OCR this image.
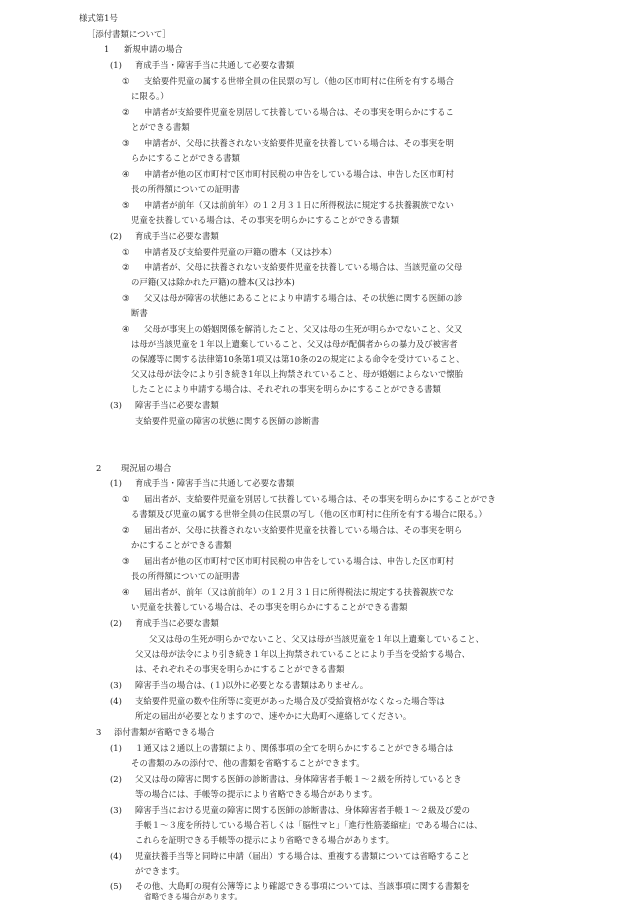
様式第1号
［添付書類について］
1 新規申請の場合
(1) 育成手当・障害手当に共通して必要な書類
① 支給要件児童の属する世帯全員の住民票の写し（他の区市町村に住所を有する場合
に限る。）
② 申請者が支給要件児童を別居して扶養している場合は、その事実を明らかにするこ
とができる書類
③ 申請者が、父母に扶養されない支給要件児童を扶養している場合は、その事実を明
らかにすることができる書類
④ 申請者が他の区市町村で区市町村民税の申告をしている場合は、申告した区市町村
長の所得額についての証明書
⑤ 申請者が前年（又は前前年）の１２月３１日に所得税法に規定する扶養親族でない
児童を扶養している場合は、その事実を明らかにすることができる書類
(2) 育成手当に必要な書類
① 申請者及び支給要件児童の戸籍の謄本（又は抄本）
② 申請者が、父母に扶養されない支給要件児童を扶養している場合は、当該児童の父母
の戸籍(又は除かれた戸籍)の謄本(又は抄本)
③ 父又は母が障害の状態にあることにより申請する場合は、その状態に関する医師の診
断書
④ 父母が事実上の婚姻関係を解消したこと、父又は母の生死が明らかでないこと、父又
は母が当該児童を１年以上遺棄していること、父又は母が配偶者からの暴力及び被害者
の保護等に関する法律第10条第1項又は第10条の2の規定による命令を受けていること、
父又は母が法令により引き続き1年以上拘禁されていること、母が婚姻によらないで懐胎
したことにより申請する場合は、それぞれの事実を明らかにすることができる書類
(3) 障害手当に必要な書類
支給要件児童の障害の状態に関する医師の診断書
2 現況届の場合
(1) 育成手当・障害手当に共通して必要な書類
① 届出者が、支給要件児童を別居して扶養している場合は、その事実を明らかにすることができ
る書類及び児童の属する世帯全員の住民票の写し（他の区市町村に住所を有する場合に限る。）
② 届出者が、父母に扶養されない支給要件児童を扶養している場合は、その事実を明ら
かにすることができる書類
③ 届出者が他の区市町村で区市町村民税の申告をしている場合は、申告した区市町村
長の所得額についての証明書
④ 届出者が、前年（又は前前年）の１２月３１日に所得税法に規定する扶養親族でな
い児童を扶養している場合は、その事実を明らかにすることができる書類
(2) 育成手当に必要な書類
父又は母の生死が明らかでないこと、父又は母が当該児童を１年以上遺棄していること、
父又は母が法令により引き続き１年以上拘禁されていることにより手当を受給する場合、
は、それぞれその事実を明らかにすることができる書類
(3) 障害手当の場合は、(１)以外に必要となる書類はありません。
(4) 支給要件児童の数や住所等に変更があった場合及び受給資格がなくなった場合等は
所定の届出が必要となりますので、速やかに大島町へ連絡してください。
3 添付書類が省略できる場合
(1) １通又は２通以上の書類により、関係事項の全てを明らかにすることができる場合は
その書類のみの添付で、他の書類を省略することができます。
(2) 父又は母の障害に関する医師の診断書は、身体障害者手帳１～２級を所持しているとき
等の場合には、手帳等の提示により省略できる場合があります。
(3) 障害手当における児童の障害に関する医師の診断書は、身体障害者手帳１～２級及び愛の
手帳１～３度を所持している場合若しくは「脳性マヒ」「進行性筋萎縮症」である場合には、
これらを証明できる手帳等の提示により省略できる場合があります。
(4) 児童扶養手当等と同時に申請（届出）する場合は、重複する書類については省略すること
ができます。
(5) その他、大島町の現有公簿等により確認できる事項については、当該事項に関する書類を
省略できる場合があります。
